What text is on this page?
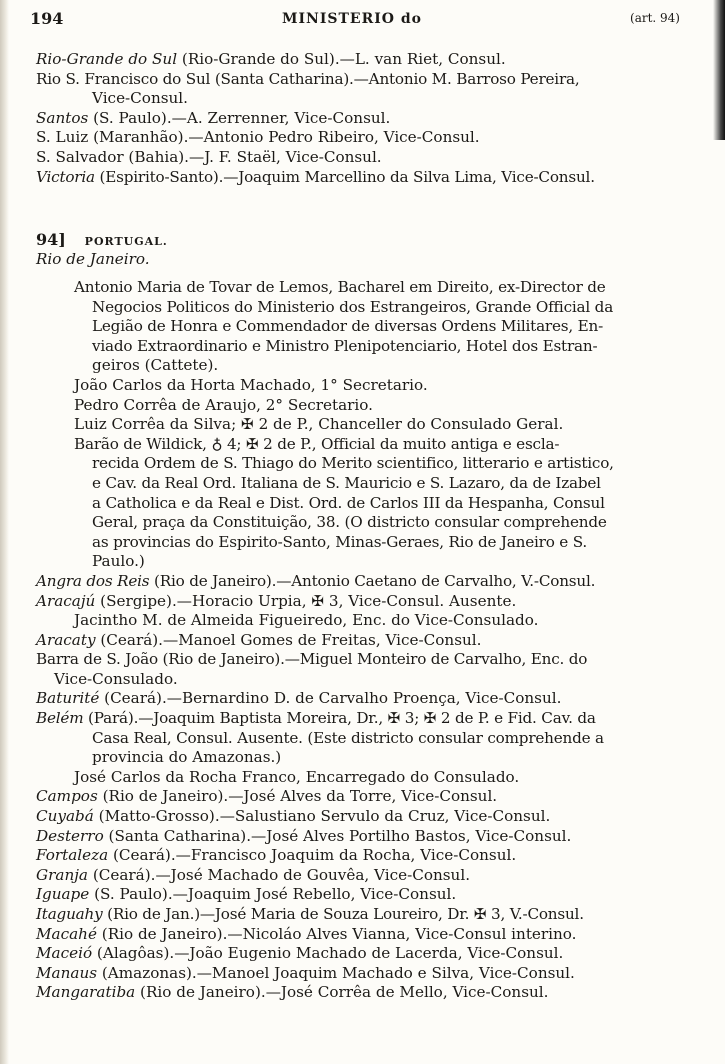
194	MINISTERIO do	(art. 94)
Rio-Grande do Sul (Rio-Grande do Sul).—L. van Riet, Consul.
Rio S. Francisco do Sul (Santa Catharina).—Antonio M. Barroso Pereira,
Vice-Consul.
Santos (S. Paulo).—A. Zerrenner, Vice-Consul.
S. Luiz (Maranhão).—Antonio Pedro Ribeiro, Vice-Consul.
S. Salvador (Bahia).—J. F. Staël, Vice-Consul.
Victoria (Espirito-Santo).—Joaquim Marcellino da Silva Lima, Vice-Consul.
94] PORTUGAL.
Rio de Janeiro.
Antonio Maria de Tovar de Lemos, Bacharel em Direito, ex-Director de
Negocios Politicos do Ministerio dos Estrangeiros, Grande Official da
Legião de Honra e Commendador de diversas Ordens Militares, En-
viado Extraordinario e Ministro Plenipotenciario, Hotel dos Estran-
geiros (Cattete).
João Carlos da Horta Machado, 1° Secretario.
Pedro Corrêa de Araujo, 2° Secretario.
Luiz Corrêa da Silva; ✠ 2 de P., Chanceller do Consulado Geral.
Barão de Wildick, ♁ 4; ✠ 2 de P., Official da muito antiga e escla-
recida Ordem de S. Thiago do Merito scientifico, litterario e artistico,
e Cav. da Real Ord. Italiana de S. Mauricio e S. Lazaro, da de Izabel
a Catholica e da Real e Dist. Ord. de Carlos III da Hespanha, Consul
Geral, praça da Constituição, 38. (O districto consular comprehende
as provincias do Espirito-Santo, Minas-Geraes, Rio de Janeiro e S.
Paulo.)
Angra dos Reis (Rio de Janeiro).—Antonio Caetano de Carvalho, V.-Consul.
Aracajú (Sergipe).—Horacio Urpia, ✠ 3, Vice-Consul. Ausente.
Jacintho M. de Almeida Figueiredo, Enc. do Vice-Consulado.
Aracaty (Ceará).—Manoel Gomes de Freitas, Vice-Consul.
Barra de S. João (Rio de Janeiro).—Miguel Monteiro de Carvalho, Enc. do
Vice-Consulado.
Baturité (Ceará).—Bernardino D. de Carvalho Proença, Vice-Consul.
Belém (Pará).—Joaquim Baptista Moreira, Dr., ✠ 3; ✠ 2 de P. e Fid. Cav. da
Casa Real, Consul. Ausente. (Este districto consular comprehende a
provincia do Amazonas.)
José Carlos da Rocha Franco, Encarregado do Consulado.
Campos (Rio de Janeiro).—José Alves da Torre, Vice-Consul.
Cuyabá (Matto-Grosso).—Salustiano Servulo da Cruz, Vice-Consul.
Desterro (Santa Catharina).—José Alves Portilho Bastos, Vice-Consul.
Fortaleza (Ceará).—Francisco Joaquim da Rocha, Vice-Consul.
Granja (Ceará).—José Machado de Gouvêa, Vice-Consul.
Iguape (S. Paulo).—Joaquim José Rebello, Vice-Consul.
Itaguahy (Rio de Jan.)—José Maria de Souza Loureiro, Dr. ✠ 3, V.-Consul.
Macahé (Rio de Janeiro).—Nicoláo Alves Vianna, Vice-Consul interino.
Maceió (Alagôas).—João Eugenio Machado de Lacerda, Vice-Consul.
Manaus (Amazonas).—Manoel Joaquim Machado e Silva, Vice-Consul.
Mangaratiba (Rio de Janeiro).—José Corrêa de Mello, Vice-Consul.
